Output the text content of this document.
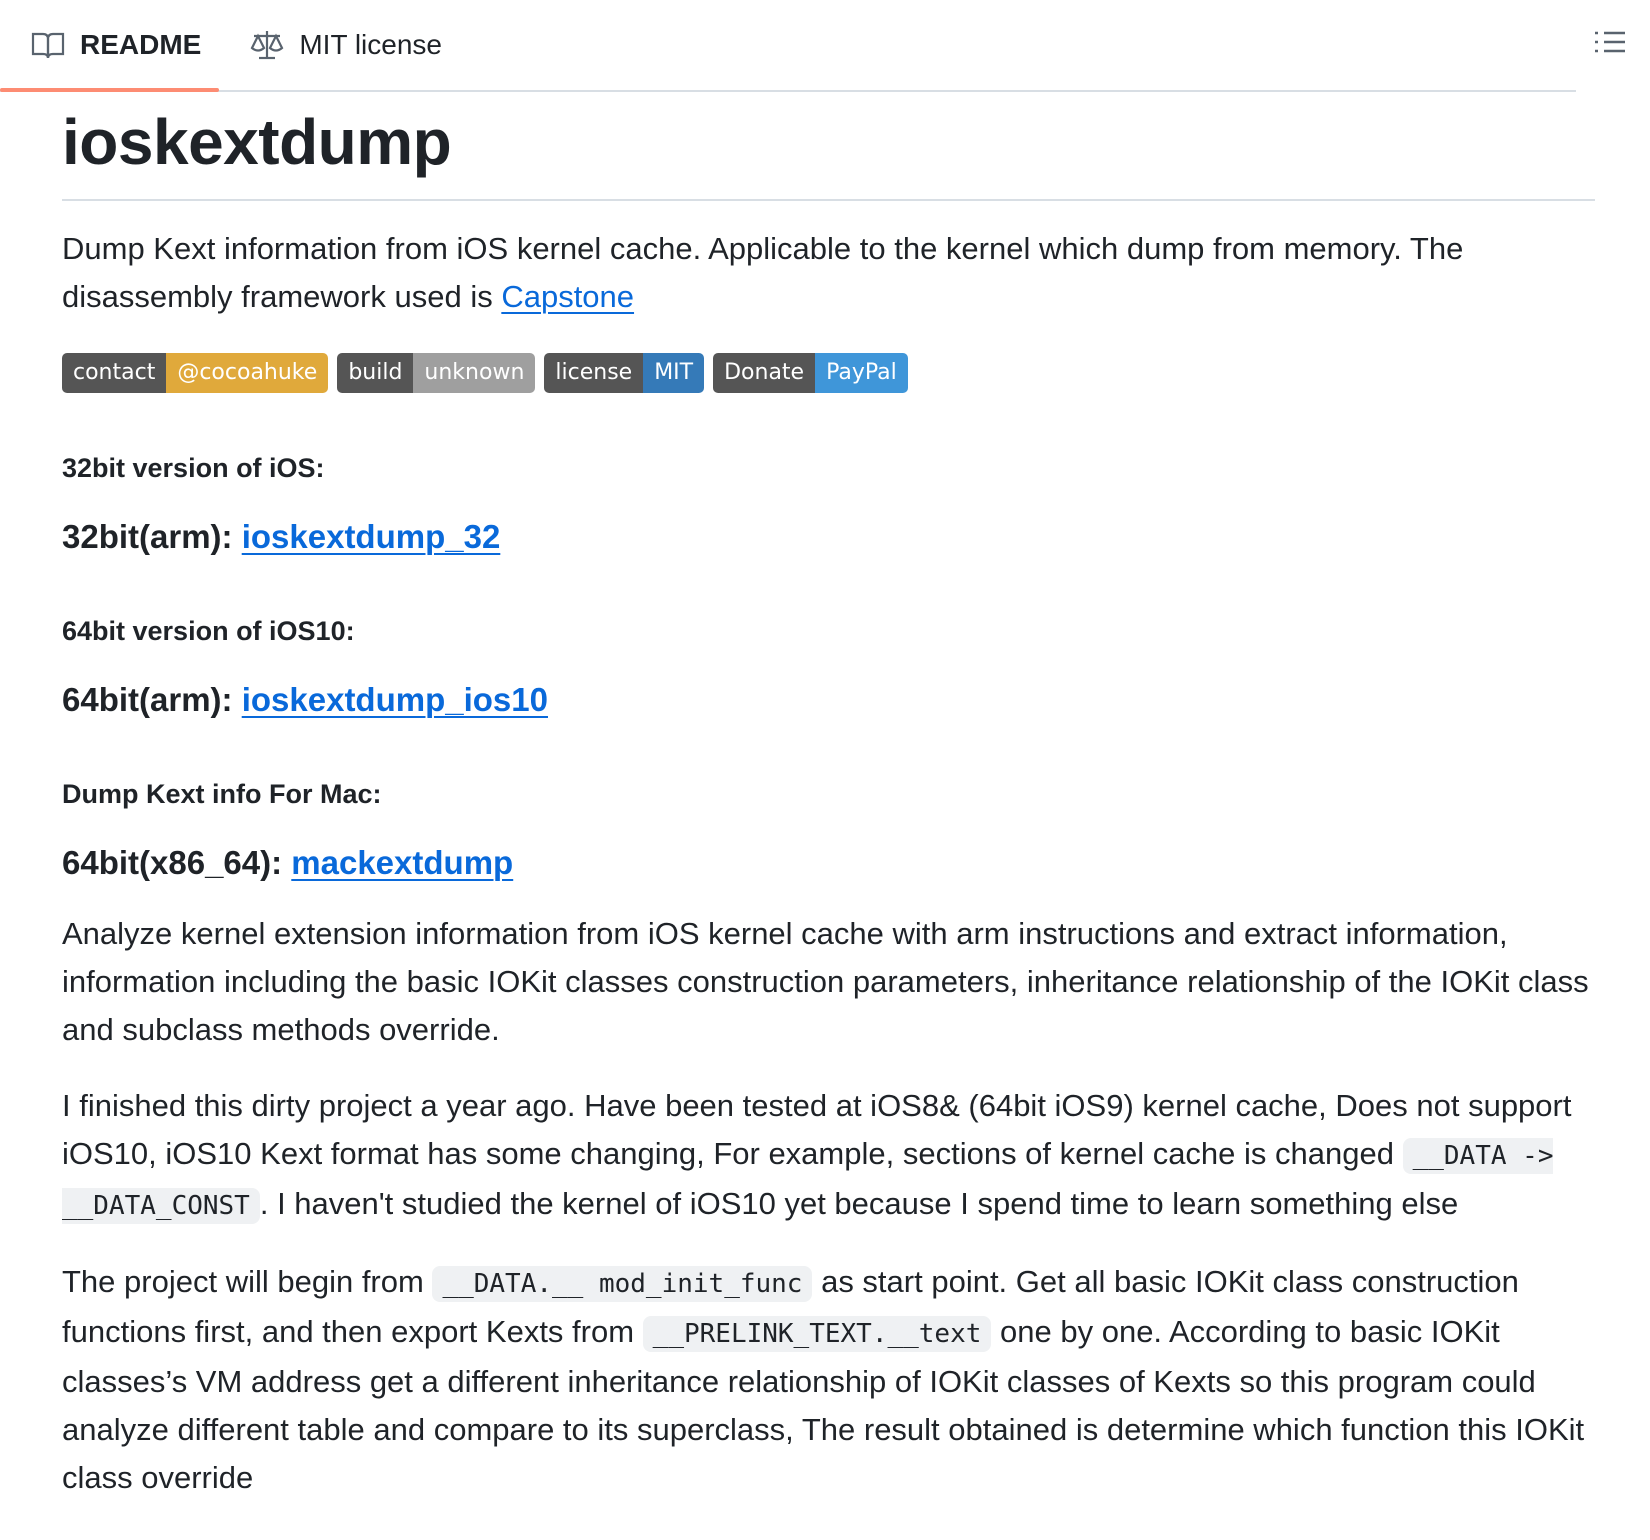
README	MIT license
ioskextdump

Dump Kext information from iOS kernel cache. Applicable to the kernel which dump from memory. The disassembly framework used is Capstone

contact	@cocoahuke	build	unknown	license	MIT	Donate	PayPal
32bit version of iOS:
32bit(arm): ioskextdump_32
64bit version of iOS10:
64bit(arm): ioskextdump_ios10
Dump Kext info For Mac:
64bit(x86_64): mackextdump

Analyze kernel extension information from iOS kernel cache with arm instructions and extract information, information including the basic IOKit classes construction parameters, inheritance relationship of the IOKit class and subclass methods override.

I finished this dirty project a year ago. Have been tested at iOS8& (64bit iOS9) kernel cache, Does not support iOS10, iOS10 Kext format has some changing, For example, sections of kernel cache is changed __DATA -> __DATA_CONST . I haven't studied the kernel of iOS10 yet because I spend time to learn something else

The project will begin from __DATA.__ mod_init_func as start point. Get all basic IOKit class construction functions first, and then export Kexts from __PRELINK_TEXT.__text one by one. According to basic IOKit classes’s VM address get a different inheritance relationship of IOKit classes of Kexts so this program could analyze different table and compare to its superclass, The result obtained is determine which function this IOKit class override
